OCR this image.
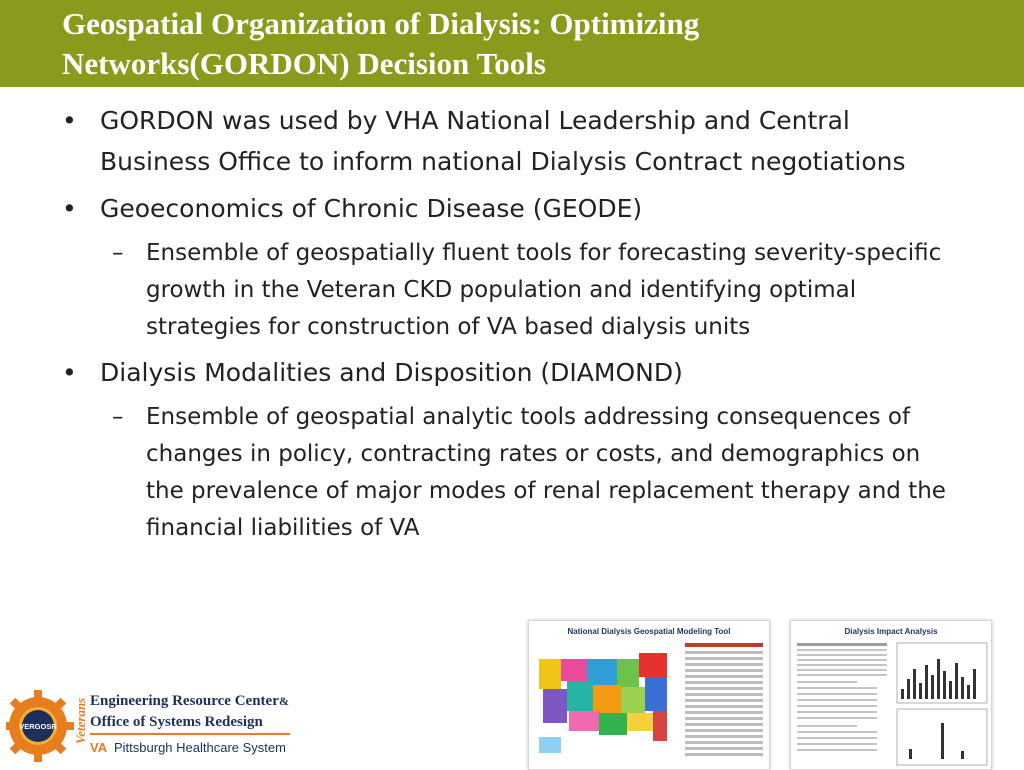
Geospatial Organization of Dialysis: Optimizing
Networks(GORDON) Decision Tools
• GORDON was used by VHA National Leadership and Central Business Office to inform national Dialysis Contract negotiations
• Geoeconomics of Chronic Disease (GEODE)
– Ensemble of geospatially fluent tools for forecasting severity-specific growth in the Veteran CKD population and identifying optimal strategies for construction of VA based dialysis units
• Dialysis Modalities and Disposition (DIAMOND)
– Ensemble of geospatial analytic tools addressing consequences of changes in policy, contracting rates or costs, and demographics on the prevalence of major modes of renal replacement therapy and the financial liabilities of VA
VERGOSR Veterans Engineering Resource Center &
Office of Systems Redesign
VA Pittsburgh Healthcare System
National Dialysis Geospatial Modeling Tool	Dialysis Impact Analysis
